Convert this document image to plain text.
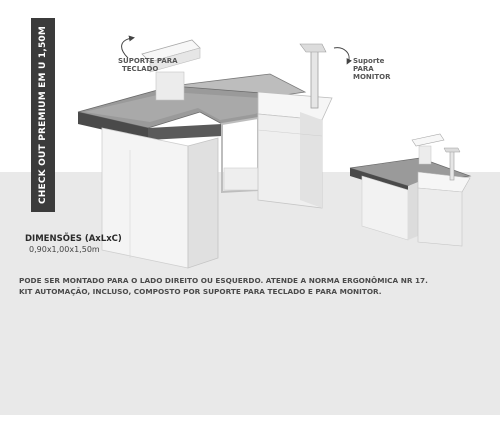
CHECK OUT PREMIUM EM U 1,50M	SUPORTE PARA
TECLADO
Suporte
PARA
MONITOR
DIMENSÕES (AxLxC)
0,90x1,00x1,50m
PODE SER MONTADO PARA O LADO DIREITO OU ESQUERDO. ATENDE A NORMA ERGONÔMICA NR 17.
KIT AUTOMAÇÃO, INCLUSO, COMPOSTO POR SUPORTE PARA TECLADO E PARA MONITOR.
